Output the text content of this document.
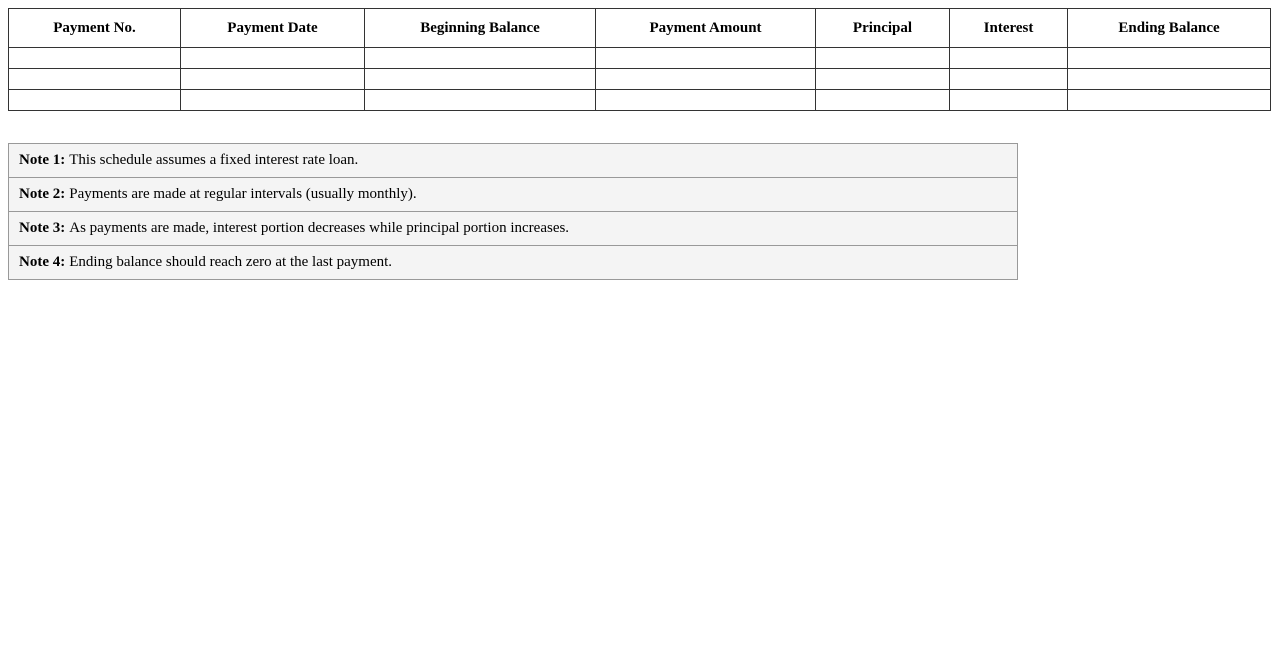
Payment No.	Payment Date	Beginning Balance	Payment Amount	Principal	Interest	Ending Balance

Note 1: This schedule assumes a fixed interest rate loan.
Note 2: Payments are made at regular intervals (usually monthly).
Note 3: As payments are made, interest portion decreases while principal portion increases.
Note 4: Ending balance should reach zero at the last payment.
